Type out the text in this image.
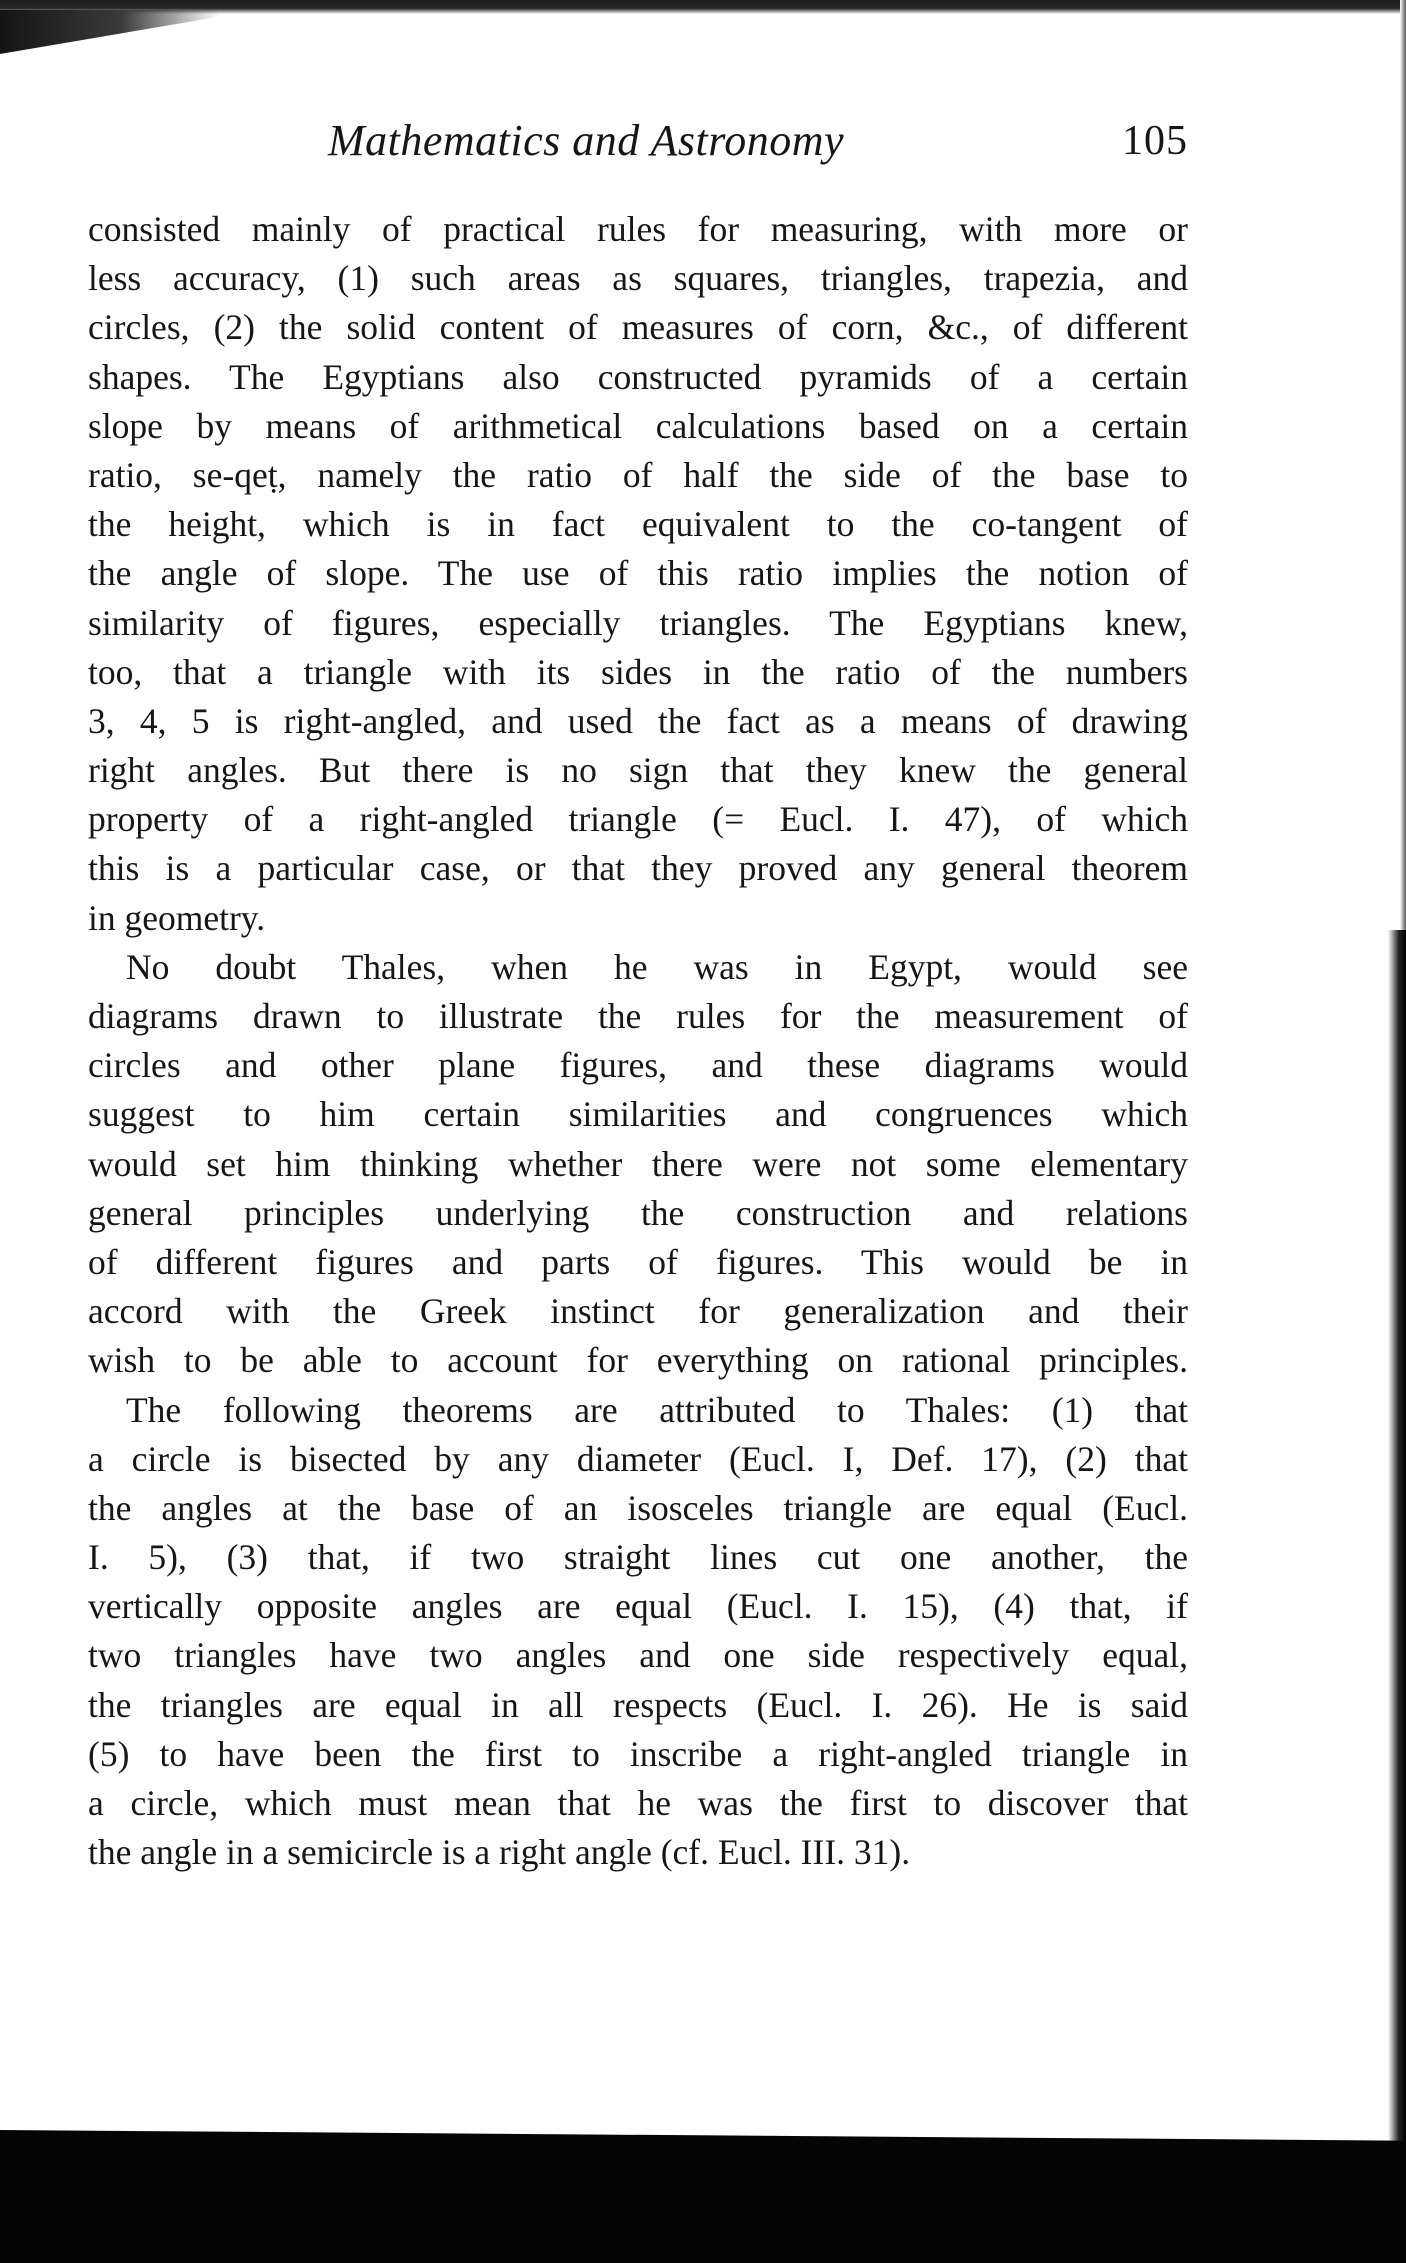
Mathematics and Astronomy	105
consisted mainly of practical rules for measuring, with more or
less accuracy, (1) such areas as squares, triangles, trapezia, and
circles, (2) the solid content of measures of corn, &c., of different
shapes. The Egyptians also constructed pyramids of a certain
slope by means of arithmetical calculations based on a certain
ratio, se-qeṭ, namely the ratio of half the side of the base to
the height, which is in fact equivalent to the co-tangent of
the angle of slope. The use of this ratio implies the notion of
similarity of figures, especially triangles. The Egyptians knew,
too, that a triangle with its sides in the ratio of the numbers
3, 4, 5 is right-angled, and used the fact as a means of drawing
right angles. But there is no sign that they knew the general
property of a right-angled triangle (= Eucl. I. 47), of which
this is a particular case, or that they proved any general theorem
in geometry.
No doubt Thales, when he was in Egypt, would see
diagrams drawn to illustrate the rules for the measurement of
circles and other plane figures, and these diagrams would
suggest to him certain similarities and congruences which
would set him thinking whether there were not some elementary
general principles underlying the construction and relations
of different figures and parts of figures. This would be in
accord with the Greek instinct for generalization and their
wish to be able to account for everything on rational principles.
The following theorems are attributed to Thales: (1) that
a circle is bisected by any diameter (Eucl. I, Def. 17), (2) that
the angles at the base of an isosceles triangle are equal (Eucl.
I. 5), (3) that, if two straight lines cut one another, the
vertically opposite angles are equal (Eucl. I. 15), (4) that, if
two triangles have two angles and one side respectively equal,
the triangles are equal in all respects (Eucl. I. 26). He is said
(5) to have been the first to inscribe a right-angled triangle in
a circle, which must mean that he was the first to discover that
the angle in a semicircle is a right angle (cf. Eucl. III. 31).
